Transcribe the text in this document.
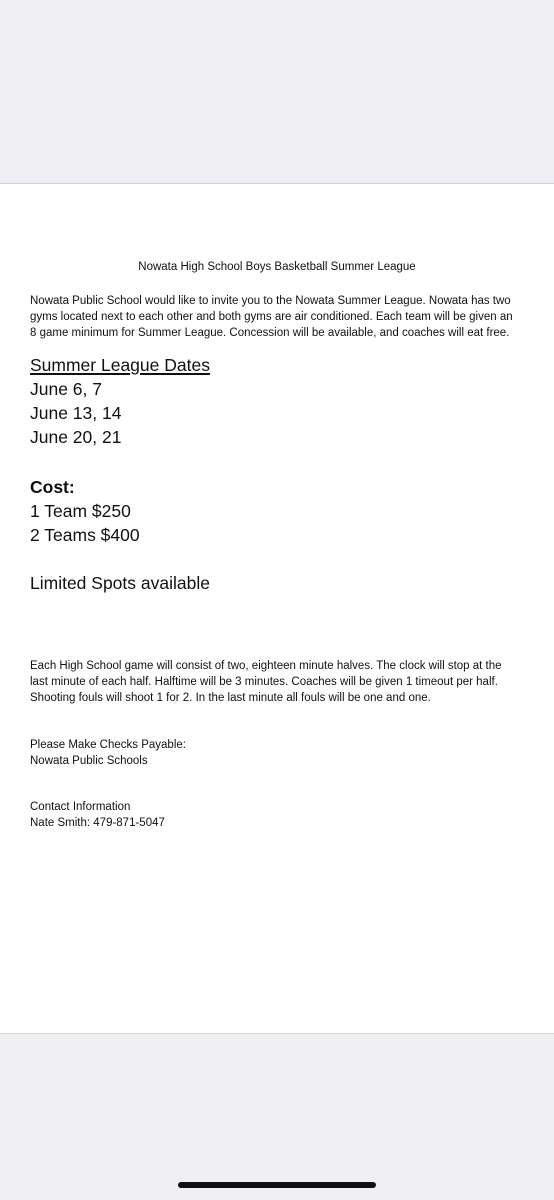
Nowata High School Boys Basketball Summer League
Nowata Public School would like to invite you to the Nowata Summer League. Nowata has two
gyms located next to each other and both gyms are air conditioned. Each team will be given an
8 game minimum for Summer League. Concession will be available, and coaches will eat free.
Summer League Dates
June 6, 7
June 13, 14
June 20, 21
Cost:
1 Team $250
2 Teams $400
Limited Spots available
Each High School game will consist of two, eighteen minute halves. The clock will stop at the
last minute of each half. Halftime will be 3 minutes. Coaches will be given 1 timeout per half.
Shooting fouls will shoot 1 for 2. In the last minute all fouls will be one and one.
Please Make Checks Payable:
Nowata Public Schools
Contact Information
Nate Smith: 479-871-5047
